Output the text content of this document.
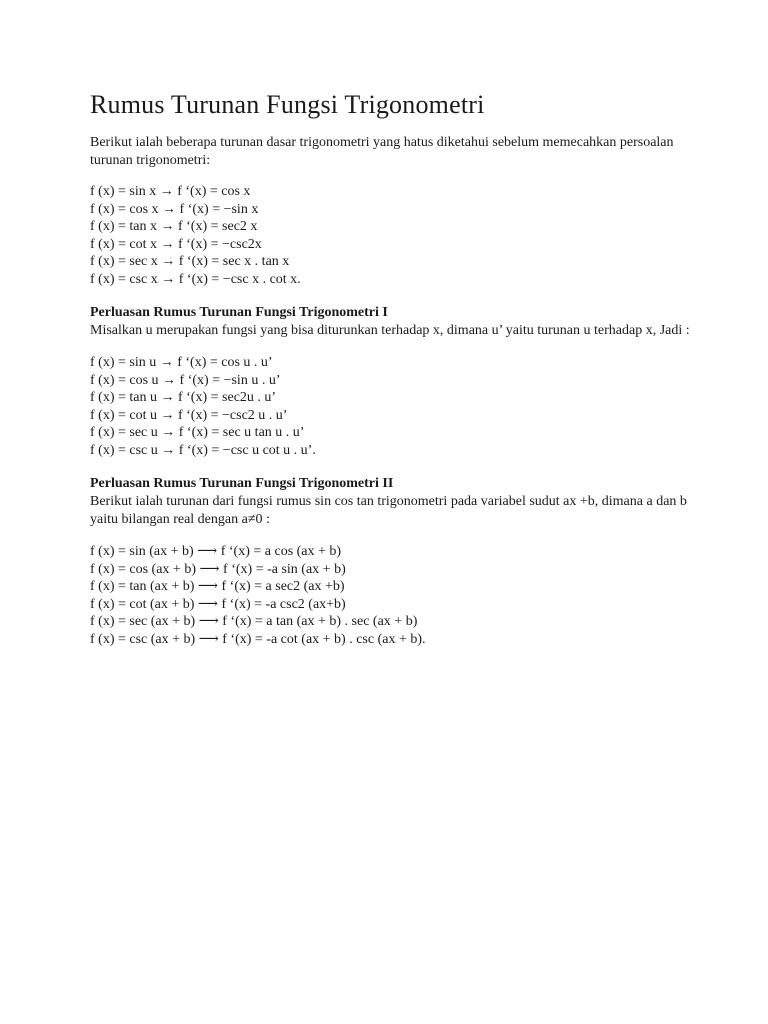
Rumus Turunan Fungsi Trigonometri

Berikut ialah beberapa turunan dasar trigonometri yang hatus diketahui sebelum memecahkan persoalan turunan trigonometri:

f (x) = sin x → f ‘(x) = cos x
f (x) = cos x → f ‘(x) = −sin x
f (x) = tan x → f ‘(x) = sec2 x
f (x) = cot x → f ‘(x) = −csc2x
f (x) = sec x → f ‘(x) = sec x . tan x
f (x) = csc x → f ‘(x) = −csc x . cot x.
Perluasan Rumus Turunan Fungsi Trigonometri I

Misalkan u merupakan fungsi yang bisa diturunkan terhadap x, dimana u’ yaitu turunan u terhadap x, Jadi :

f (x) = sin u → f ‘(x) = cos u . u’
f (x) = cos u → f ‘(x) = −sin u . u’
f (x) = tan u → f ‘(x) = sec2u . u’
f (x) = cot u → f ‘(x) = −csc2 u . u’
f (x) = sec u → f ‘(x) = sec u tan u . u’
f (x) = csc u → f ‘(x) = −csc u cot u . u’.
Perluasan Rumus Turunan Fungsi Trigonometri II

Berikut ialah turunan dari fungsi rumus sin cos tan trigonometri pada variabel sudut ax +b, dimana a dan b yaitu bilangan real dengan a≠0 :

f (x) = sin (ax + b) ⟶ f ‘(x) = a cos (ax + b)
f (x) = cos (ax + b) ⟶ f ‘(x) = -a sin (ax + b)
f (x) = tan (ax + b) ⟶ f ‘(x) = a sec2 (ax +b)
f (x) = cot (ax + b) ⟶ f ‘(x) = -a csc2 (ax+b)
f (x) = sec (ax + b) ⟶ f ‘(x) = a tan (ax + b) . sec (ax + b)
f (x) = csc (ax + b) ⟶ f ‘(x) = -a cot (ax + b) . csc (ax + b).
